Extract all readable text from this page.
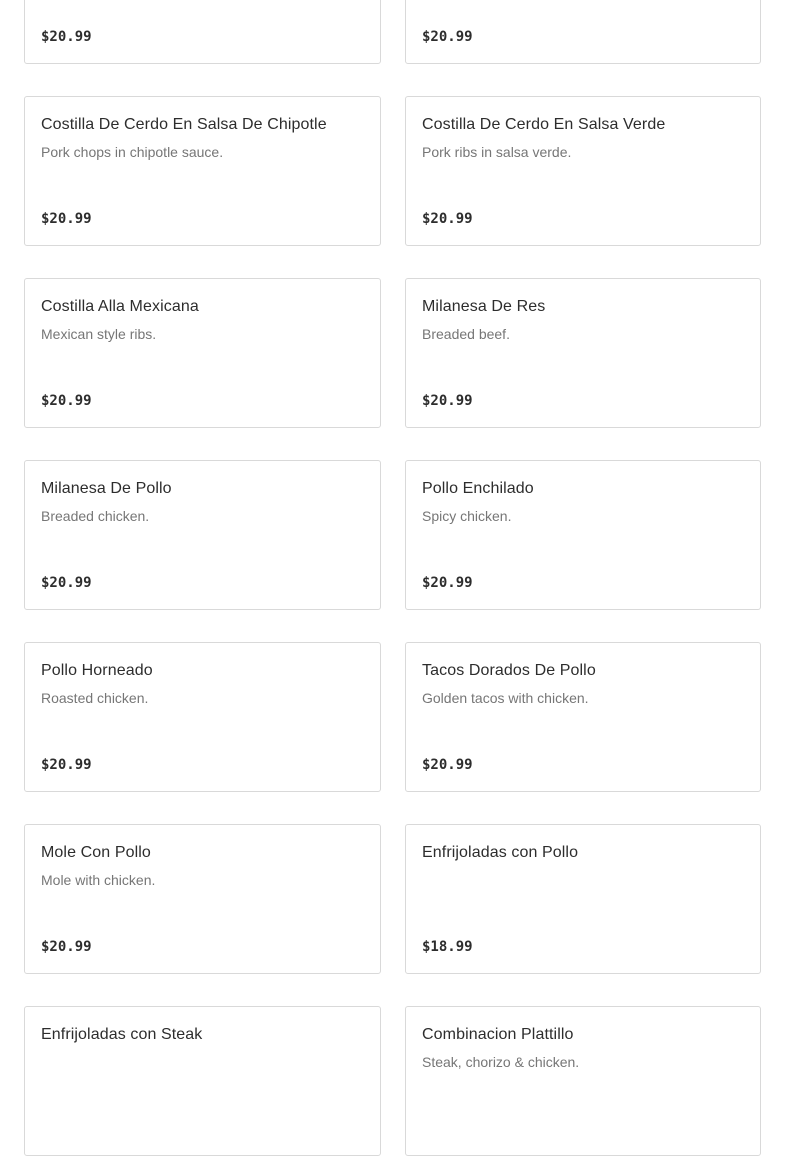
$20.99	$20.99
Costilla De Cerdo En Salsa De Chipotle
Pork chops in chipotle sauce.
$20.99
Costilla De Cerdo En Salsa Verde
Pork ribs in salsa verde.
$20.99
Costilla Alla Mexicana
Mexican style ribs.
$20.99
Milanesa De Res
Breaded beef.
$20.99
Milanesa De Pollo
Breaded chicken.
$20.99
Pollo Enchilado
Spicy chicken.
$20.99
Pollo Horneado
Roasted chicken.
$20.99
Tacos Dorados De Pollo
Golden tacos with chicken.
$20.99
Mole Con Pollo
Mole with chicken.
$20.99
Enfrijoladas con Pollo
$18.99
Enfrijoladas con Steak	Combinacion Plattillo
Steak, chorizo & chicken.
